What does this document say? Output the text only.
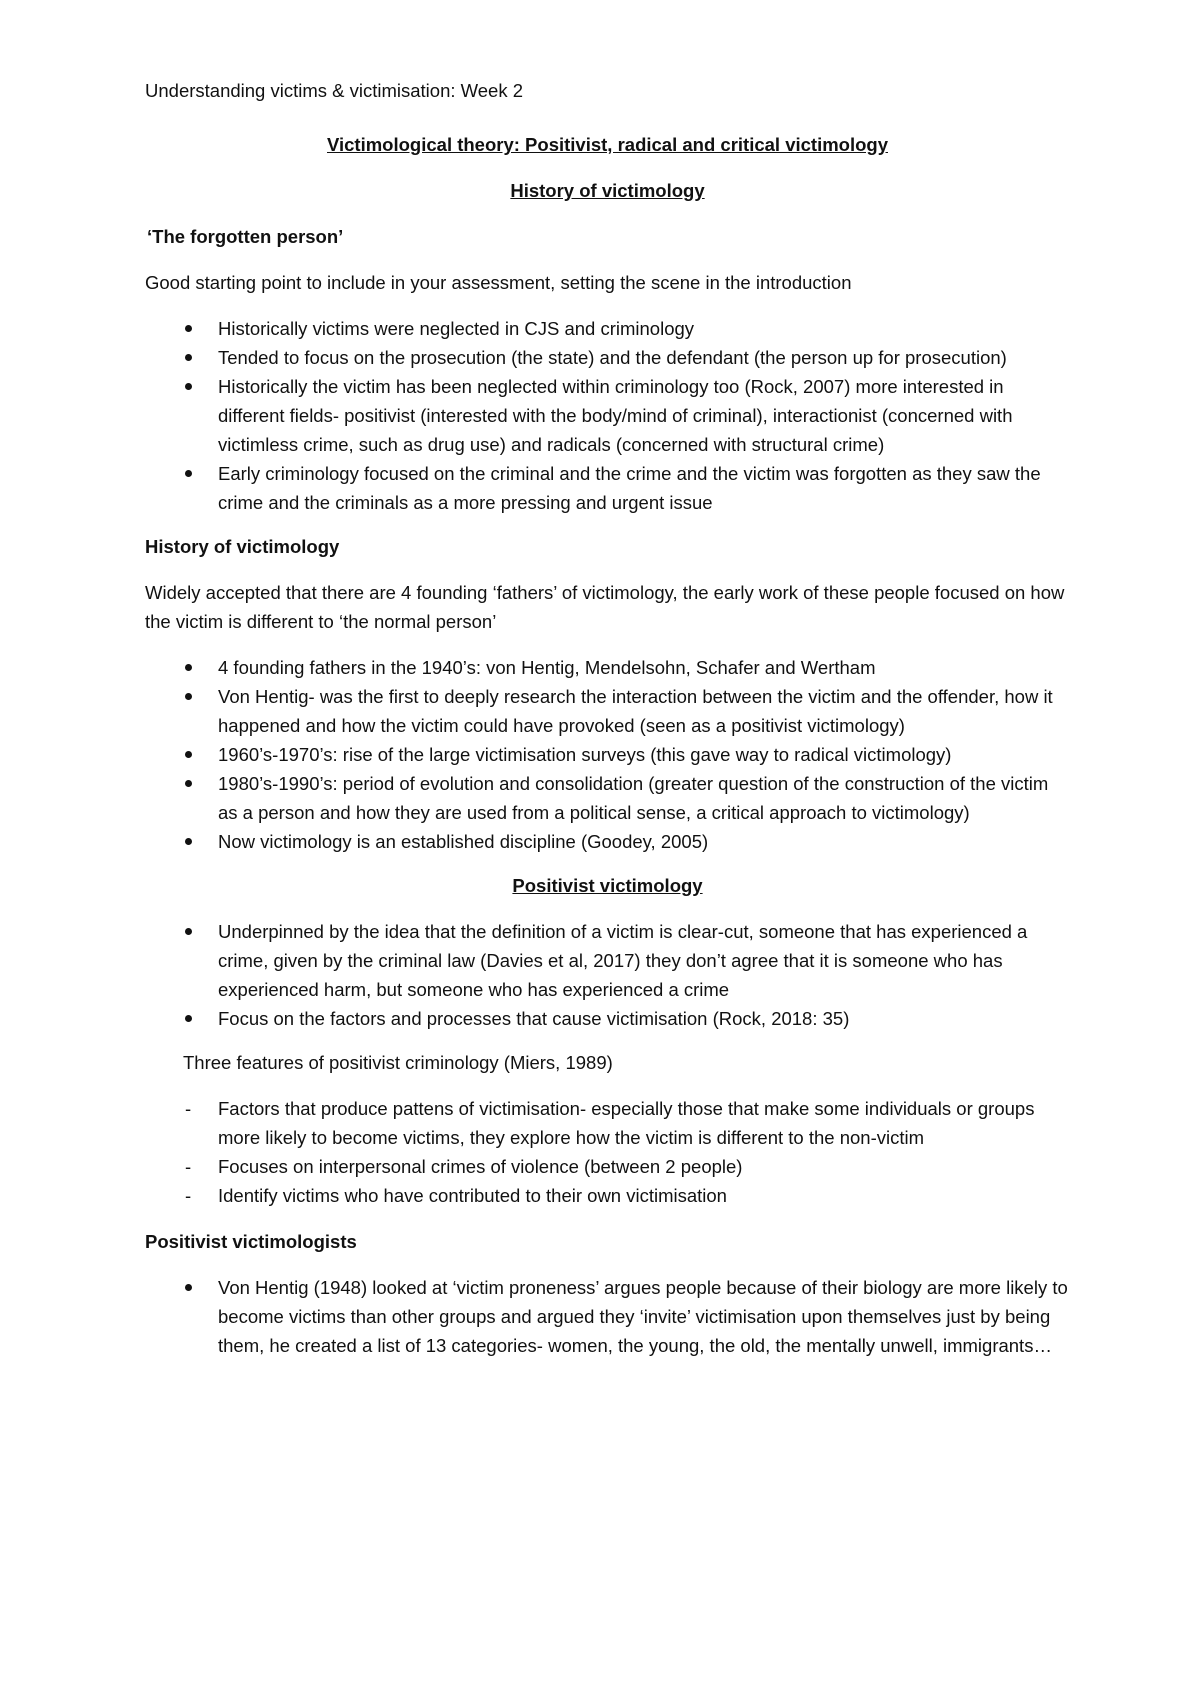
Understanding victims & victimisation: Week 2

Victimological theory: Positivist, radical and critical victimology

History of victimology

‘The forgotten person’

Good starting point to include in your assessment, setting the scene in the introduction

Historically victims were neglected in CJS and criminology
Tended to focus on the prosecution (the state) and the defendant (the person up for prosecution)
Historically the victim has been neglected within criminology too (Rock, 2007) more interested in different fields- positivist (interested with the body/mind of criminal), interactionist (concerned with victimless crime, such as drug use) and radicals (concerned with structural crime)
Early criminology focused on the criminal and the crime and the victim was forgotten as they saw the crime and the criminals as a more pressing and urgent issue

History of victimology

Widely accepted that there are 4 founding ‘fathers’ of victimology, the early work of these people focused on how the victim is different to ‘the normal person’

4 founding fathers in the 1940’s: von Hentig, Mendelsohn, Schafer and Wertham
Von Hentig- was the first to deeply research the interaction between the victim and the offender, how it happened and how the victim could have provoked (seen as a positivist victimology)
1960’s-1970’s: rise of the large victimisation surveys (this gave way to radical victimology)
1980’s-1990’s: period of evolution and consolidation (greater question of the construction of the victim as a person and how they are used from a political sense, a critical approach to victimology)
Now victimology is an established discipline (Goodey, 2005)

Positivist victimology

Underpinned by the idea that the definition of a victim is clear-cut, someone that has experienced a crime, given by the criminal law (Davies et al, 2017) they don’t agree that it is someone who has experienced harm, but someone who has experienced a crime
Focus on the factors and processes that cause victimisation (Rock, 2018: 35)

Three features of positivist criminology (Miers, 1989)

- Factors that produce pattens of victimisation- especially those that make some individuals or groups more likely to become victims, they explore how the victim is different to the non-victim
- Focuses on interpersonal crimes of violence (between 2 people)
- Identify victims who have contributed to their own victimisation

Positivist victimologists

Von Hentig (1948) looked at ‘victim proneness’ argues people because of their biology are more likely to become victims than other groups and argued they ‘invite’ victimisation upon themselves just by being them, he created a list of 13 categories- women, the young, the old, the mentally unwell, immigrants…
